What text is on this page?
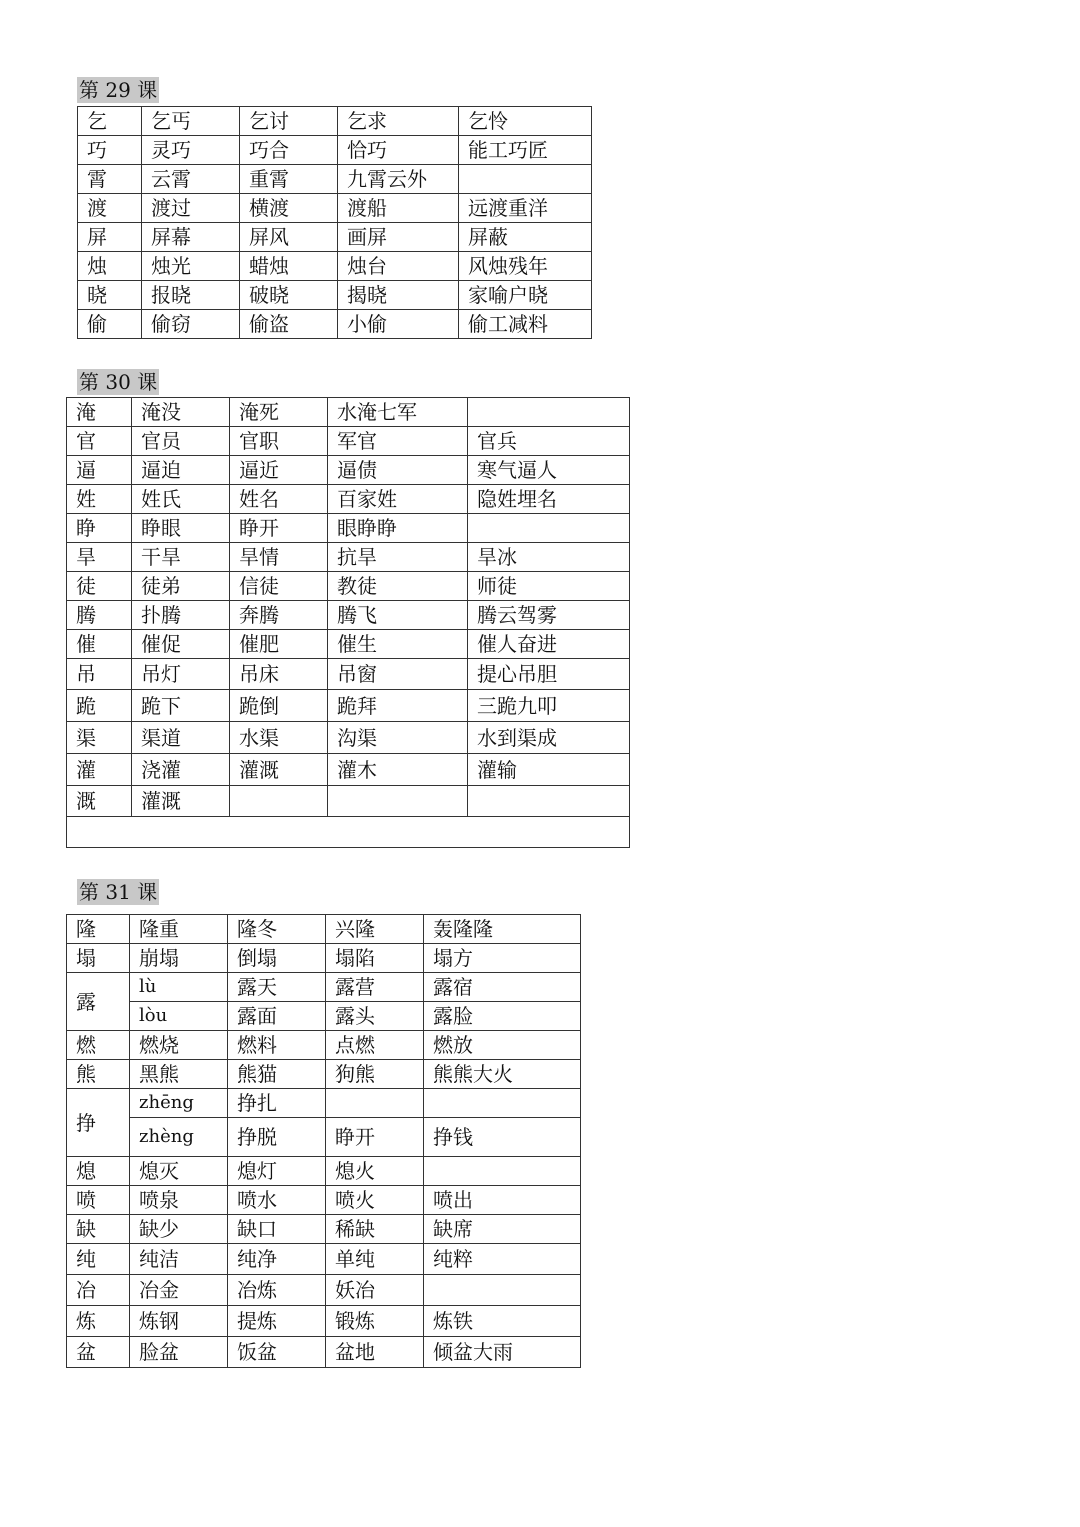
第 29 课
乞	乞丐	乞讨	乞求	乞怜
巧	灵巧	巧合	恰巧	能工巧匠
霄	云霄	重霄	九霄云外	
渡	渡过	横渡	渡船	远渡重洋
屏	屏幕	屏风	画屏	屏蔽
烛	烛光	蜡烛	烛台	风烛残年
晓	报晓	破晓	揭晓	家喻户晓
偷	偷窃	偷盗	小偷	偷工减料
第 30 课
淹	淹没	淹死	水淹七军	
官	官员	官职	军官	官兵
逼	逼迫	逼近	逼债	寒气逼人
姓	姓氏	姓名	百家姓	隐姓埋名
睁	睁眼	睁开	眼睁睁	
旱	干旱	旱情	抗旱	旱冰
徒	徒弟	信徒	教徒	师徒
腾	扑腾	奔腾	腾飞	腾云驾雾
催	催促	催肥	催生	催人奋进
吊	吊灯	吊床	吊窗	提心吊胆
跪	跪下	跪倒	跪拜	三跪九叩
渠	渠道	水渠	沟渠	水到渠成
灌	浇灌	灌溉	灌木	灌输
溉	灌溉			

第 31 课
隆	隆重	隆冬	兴隆	轰隆隆
塌	崩塌	倒塌	塌陷	塌方
露	lù	露天	露营	露宿
	lòu	露面	露头	露脸
燃	燃烧	燃料	点燃	燃放
熊	黑熊	熊猫	狗熊	熊熊大火
挣	zhēng	挣扎		
	zhèng	挣脱	睁开	挣钱
熄	熄灭	熄灯	熄火	
喷	喷泉	喷水	喷火	喷出
缺	缺少	缺口	稀缺	缺席
纯	纯洁	纯净	单纯	纯粹
冶	冶金	冶炼	妖冶	
炼	炼钢	提炼	锻炼	炼铁
盆	脸盆	饭盆	盆地	倾盆大雨
